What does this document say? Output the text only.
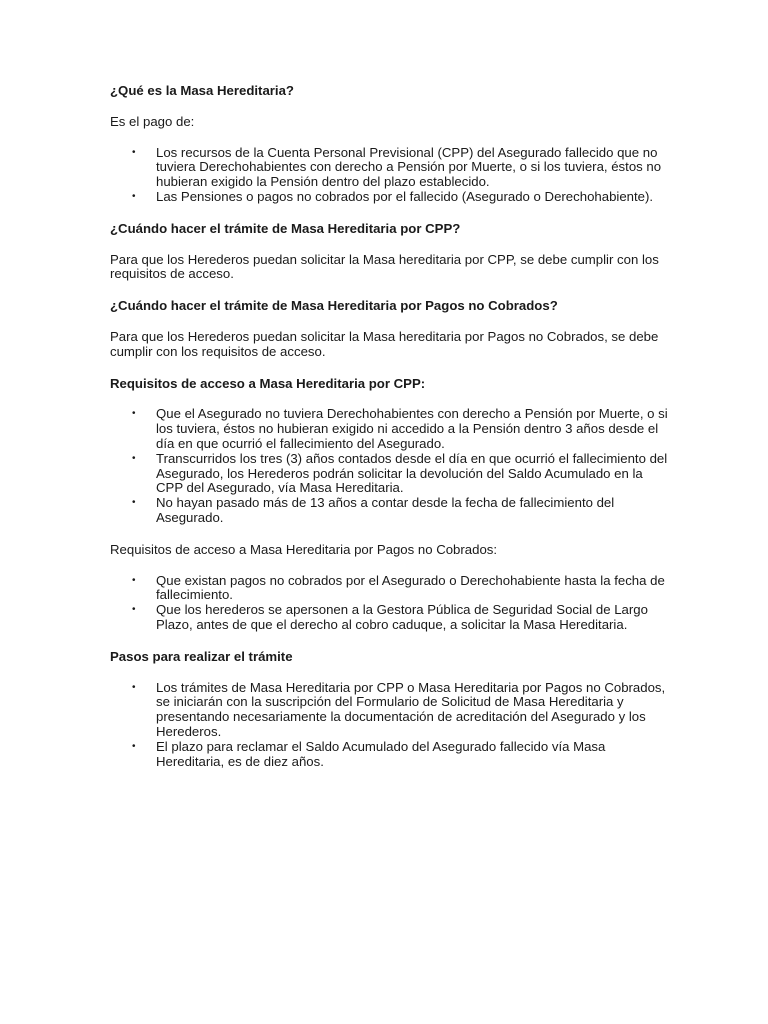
¿Qué es la Masa Hereditaria?

Es el pago de:

• Los recursos de la Cuenta Personal Previsional (CPP) del Asegurado fallecido que no tuviera Derechohabientes con derecho a Pensión por Muerte, o si los tuviera, éstos no hubieran exigido la Pensión dentro del plazo establecido.
• Las Pensiones o pagos no cobrados por el fallecido (Asegurado o Derechohabiente).

¿Cuándo hacer el trámite de Masa Hereditaria por CPP?

Para que los Herederos puedan solicitar la Masa hereditaria por CPP, se debe cumplir con los requisitos de acceso.

¿Cuándo hacer el trámite de Masa Hereditaria por Pagos no Cobrados?

Para que los Herederos puedan solicitar la Masa hereditaria por Pagos no Cobrados, se debe cumplir con los requisitos de acceso.

Requisitos de acceso a Masa Hereditaria por CPP:

• Que el Asegurado no tuviera Derechohabientes con derecho a Pensión por Muerte, o si los tuviera, éstos no hubieran exigido ni accedido a la Pensión dentro 3 años desde el día en que ocurrió el fallecimiento del Asegurado.
• Transcurridos los tres (3) años contados desde el día en que ocurrió el fallecimiento del Asegurado, los Herederos podrán solicitar la devolución del Saldo Acumulado en la CPP del Asegurado, vía Masa Hereditaria.
• No hayan pasado más de 13 años a contar desde la fecha de fallecimiento del Asegurado.

Requisitos de acceso a Masa Hereditaria por Pagos no Cobrados:

• Que existan pagos no cobrados por el Asegurado o Derechohabiente hasta la fecha de fallecimiento.
• Que los herederos se apersonen a la Gestora Pública de Seguridad Social de Largo Plazo, antes de que el derecho al cobro caduque, a solicitar la Masa Hereditaria.

Pasos para realizar el trámite

• Los trámites de Masa Hereditaria por CPP o Masa Hereditaria por Pagos no Cobrados, se iniciarán con la suscripción del Formulario de Solicitud de Masa Hereditaria y presentando necesariamente la documentación de acreditación del Asegurado y los Herederos.
• El plazo para reclamar el Saldo Acumulado del Asegurado fallecido vía Masa Hereditaria, es de diez años.
